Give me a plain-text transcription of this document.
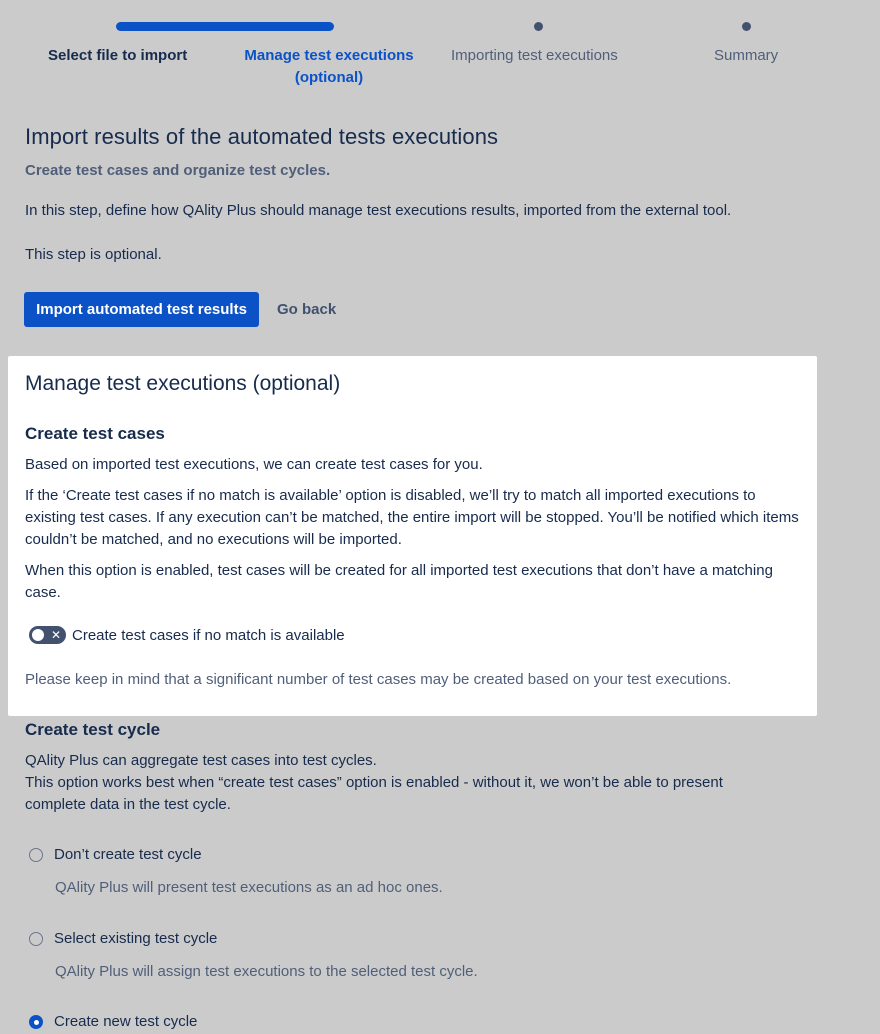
Select file to import	Manage test executions
(optional)
Importing test executions	Summary
Import results of the automated tests executions
Create test cases and organize test cycles.
In this step, define how QAlity Plus should manage test executions results, imported from the external tool.
This step is optional.
Import automated test results	Go back
Manage test executions (optional)
Create test cases
Based on imported test executions, we can create test cases for you.
If the ‘Create test cases if no match is available’ option is disabled, we’ll try to match all imported executions to existing test cases. If any execution can’t be matched, the entire import will be stopped. You’ll be notified which items couldn’t be matched, and no executions will be imported.
When this option is enabled, test cases will be created for all imported test executions that don’t have a matching case.
✕ Create test cases if no match is available
Please keep in mind that a significant number of test cases may be created based on your test executions.
Create test cycle
QAlity Plus can aggregate test cases into test cycles.
This option works best when “create test cases” option is enabled - without it, we won’t be able to present complete data in the test cycle.
Don’t create test cycle
QAlity Plus will present test executions as an ad hoc ones.
Select existing test cycle
QAlity Plus will assign test executions to the selected test cycle.
Create new test cycle
